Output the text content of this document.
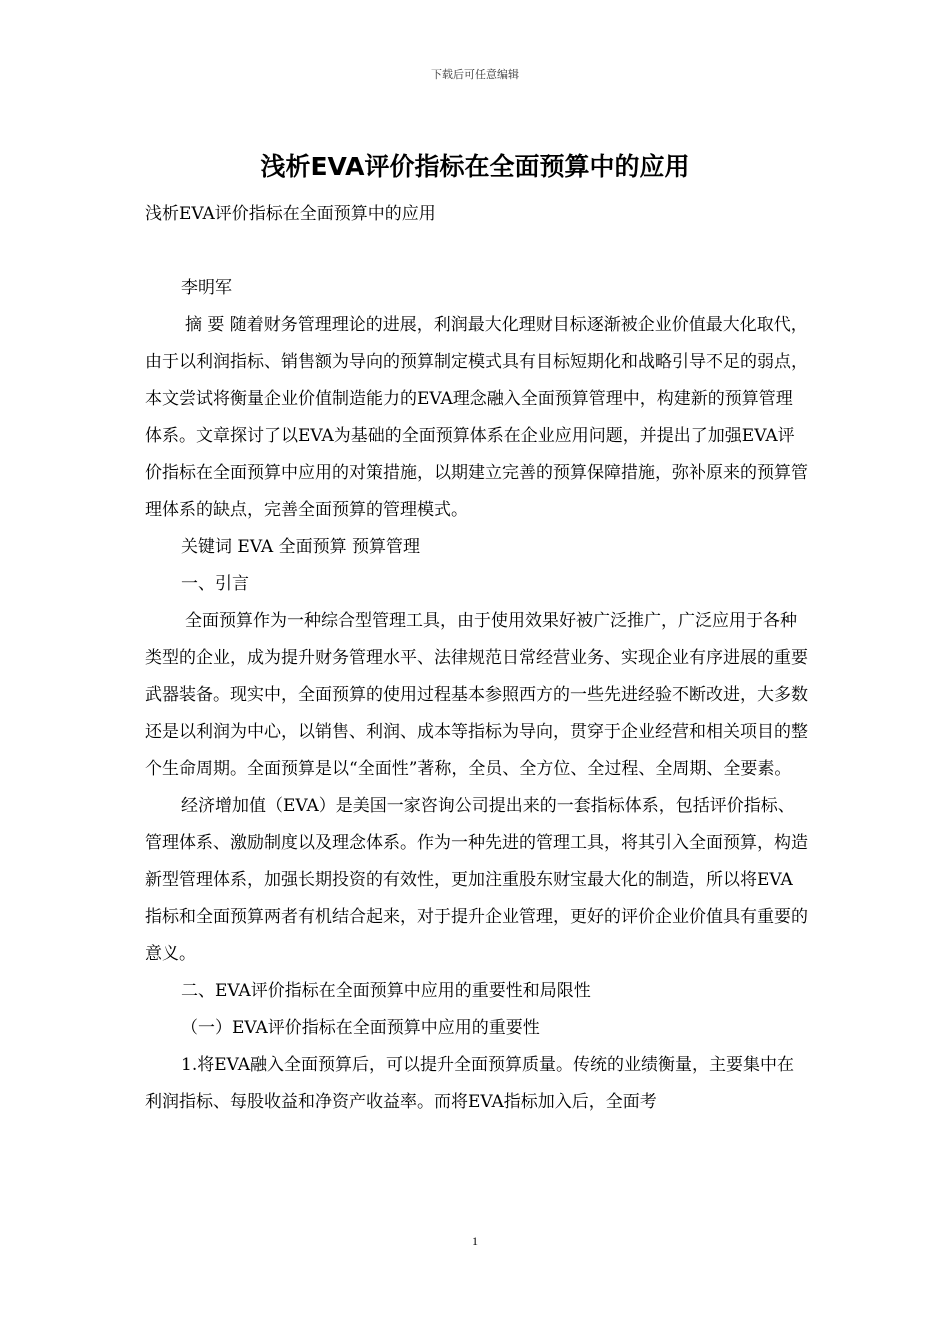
下载后可任意编辑
浅析EVA评价指标在全面预算中的应用

浅析EVA评价指标在全面预算中的应用

李明军

摘 要 随着财务管理理论的进展，利润最大化理财目标逐渐被企业价值最大化取代，由于以利润指标、销售额为导向的预算制定模式具有目标短期化和战略引导不足的弱点，本文尝试将衡量企业价值制造能力的EVA理念融入全面预算管理中，构建新的预算管理体系。文章探讨了以EVA为基础的全面预算体系在企业应用问题，并提出了加强EVA评价指标在全面预算中应用的对策措施，以期建立完善的预算保障措施，弥补原来的预算管理体系的缺点，完善全面预算的管理模式。

关键词 EVA 全面预算 预算管理

一、引言

全面预算作为一种综合型管理工具，由于使用效果好被广泛推广，广泛应用于各种类型的企业，成为提升财务管理水平、法律规范日常经营业务、实现企业有序进展的重要武器装备。现实中，全面预算的使用过程基本参照西方的一些先进经验不断改进，大多数还是以利润为中心，以销售、利润、成本等指标为导向，贯穿于企业经营和相关项目的整个生命周期。全面预算是以“全面性”著称，全员、全方位、全过程、全周期、全要素。

经济增加值（EVA）是美国一家咨询公司提出来的一套指标体系，包括评价指标、管理体系、激励制度以及理念体系。作为一种先进的管理工具，将其引入全面预算，构造新型管理体系，加强长期投资的有效性，更加注重股东财宝最大化的制造，所以将EVA指标和全面预算两者有机结合起来，对于提升企业管理，更好的评价企业价值具有重要的意义。

二、EVA评价指标在全面预算中应用的重要性和局限性

（一）EVA评价指标在全面预算中应用的重要性

1.将EVA融入全面预算后，可以提升全面预算质量。传统的业绩衡量，主要集中在利润指标、每股收益和净资产收益率。而将EVA指标加入后，全面考

1
